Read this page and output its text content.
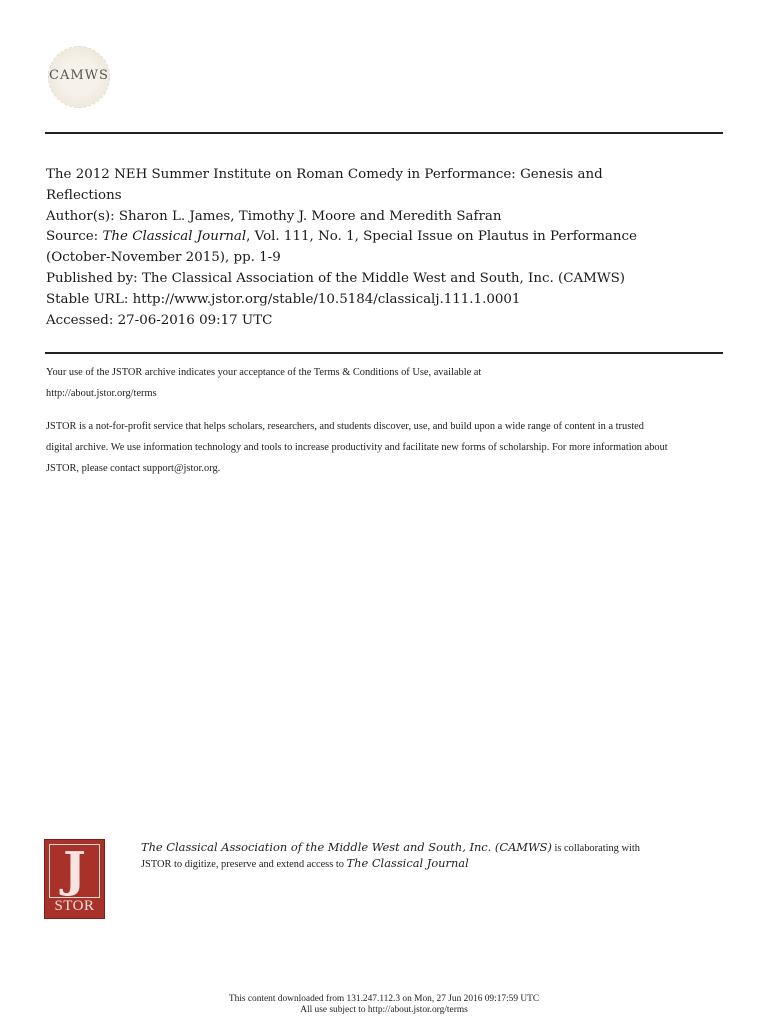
CAMWS
The 2012 NEH Summer Institute on Roman Comedy in Performance: Genesis and
Reflections
Author(s): Sharon L. James, Timothy J. Moore and Meredith Safran
Source: The Classical Journal, Vol. 111, No. 1, Special Issue on Plautus in Performance
(October-November 2015), pp. 1-9
Published by: The Classical Association of the Middle West and South, Inc. (CAMWS)
Stable URL: http://www.jstor.org/stable/10.5184/classicalj.111.1.0001
Accessed: 27-06-2016 09:17 UTC

Your use of the JSTOR archive indicates your acceptance of the Terms & Conditions of Use, available at

http://about.jstor.org/terms

JSTOR is a not-for-profit service that helps scholars, researchers, and students discover, use, and build upon a wide range of content in a trusted

digital archive. We use information technology and tools to increase productivity and facilitate new forms of scholarship. For more information about

JSTOR, please contact support@jstor.org.

J
STOR
The Classical Association of the Middle West and South, Inc. (CAMWS) is collaborating with
JSTOR to digitize, preserve and extend access to The Classical Journal
This content downloaded from 131.247.112.3 on Mon, 27 Jun 2016 09:17:59 UTC
All use subject to http://about.jstor.org/terms
